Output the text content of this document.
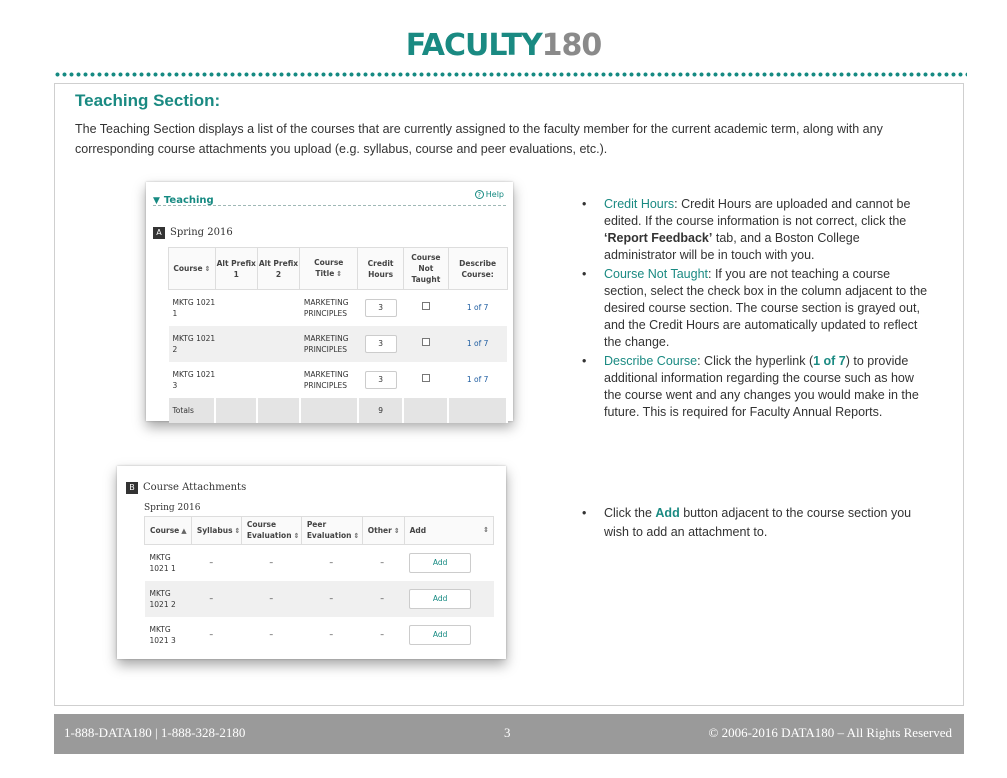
FACULTY180
Teaching Section:
The Teaching Section displays a list of the courses that are currently assigned to the faculty member for the current academic term, along with any corresponding course attachments you upload (e.g. syllabus, course and peer evaluations, etc.).
▼ Teaching	? Help
A Spring 2016
Course ⇕	Alt Prefix 1	Alt Prefix 2	Course Title ⇕	Credit Hours	Course Not Taught	Describe Course:
MKTG 1021 1			MARKETING PRINCIPLES	3		1 of 7
MKTG 1021 2			MARKETING PRINCIPLES	3		1 of 7
MKTG 1021 3			MARKETING PRINCIPLES	3		1 of 7
Totals				9		
B Course Attachments
Spring 2016
Course ▲	Syllabus ⇕	Course Evaluation ⇕	Peer Evaluation ⇕	Other ⇕	Add ⇕

MKTG 1021 1	–	–	–	–	Add
MKTG 1021 2	–	–	–	–	Add
MKTG 1021 3	–	–	–	–	Add
• Credit Hours: Credit Hours are uploaded and cannot be edited. If the course information is not correct, click the ‘Report Feedback’ tab, and a Boston College administrator will be in touch with you.
• Course Not Taught: If you are not teaching a course section, select the check box in the column adjacent to the desired course section. The course section is grayed out, and the Credit Hours are automatically updated to reflect the change.
• Describe Course: Click the hyperlink (1 of 7) to provide additional information regarding the course such as how the course went and any changes you would make in the future. This is required for Faculty Annual Reports.
• Click the Add button adjacent to the course section you wish to add an attachment to.
1-888-DATA180 | 1-888-328-2180	3	© 2006-2016 DATA180 – All Rights Reserved
